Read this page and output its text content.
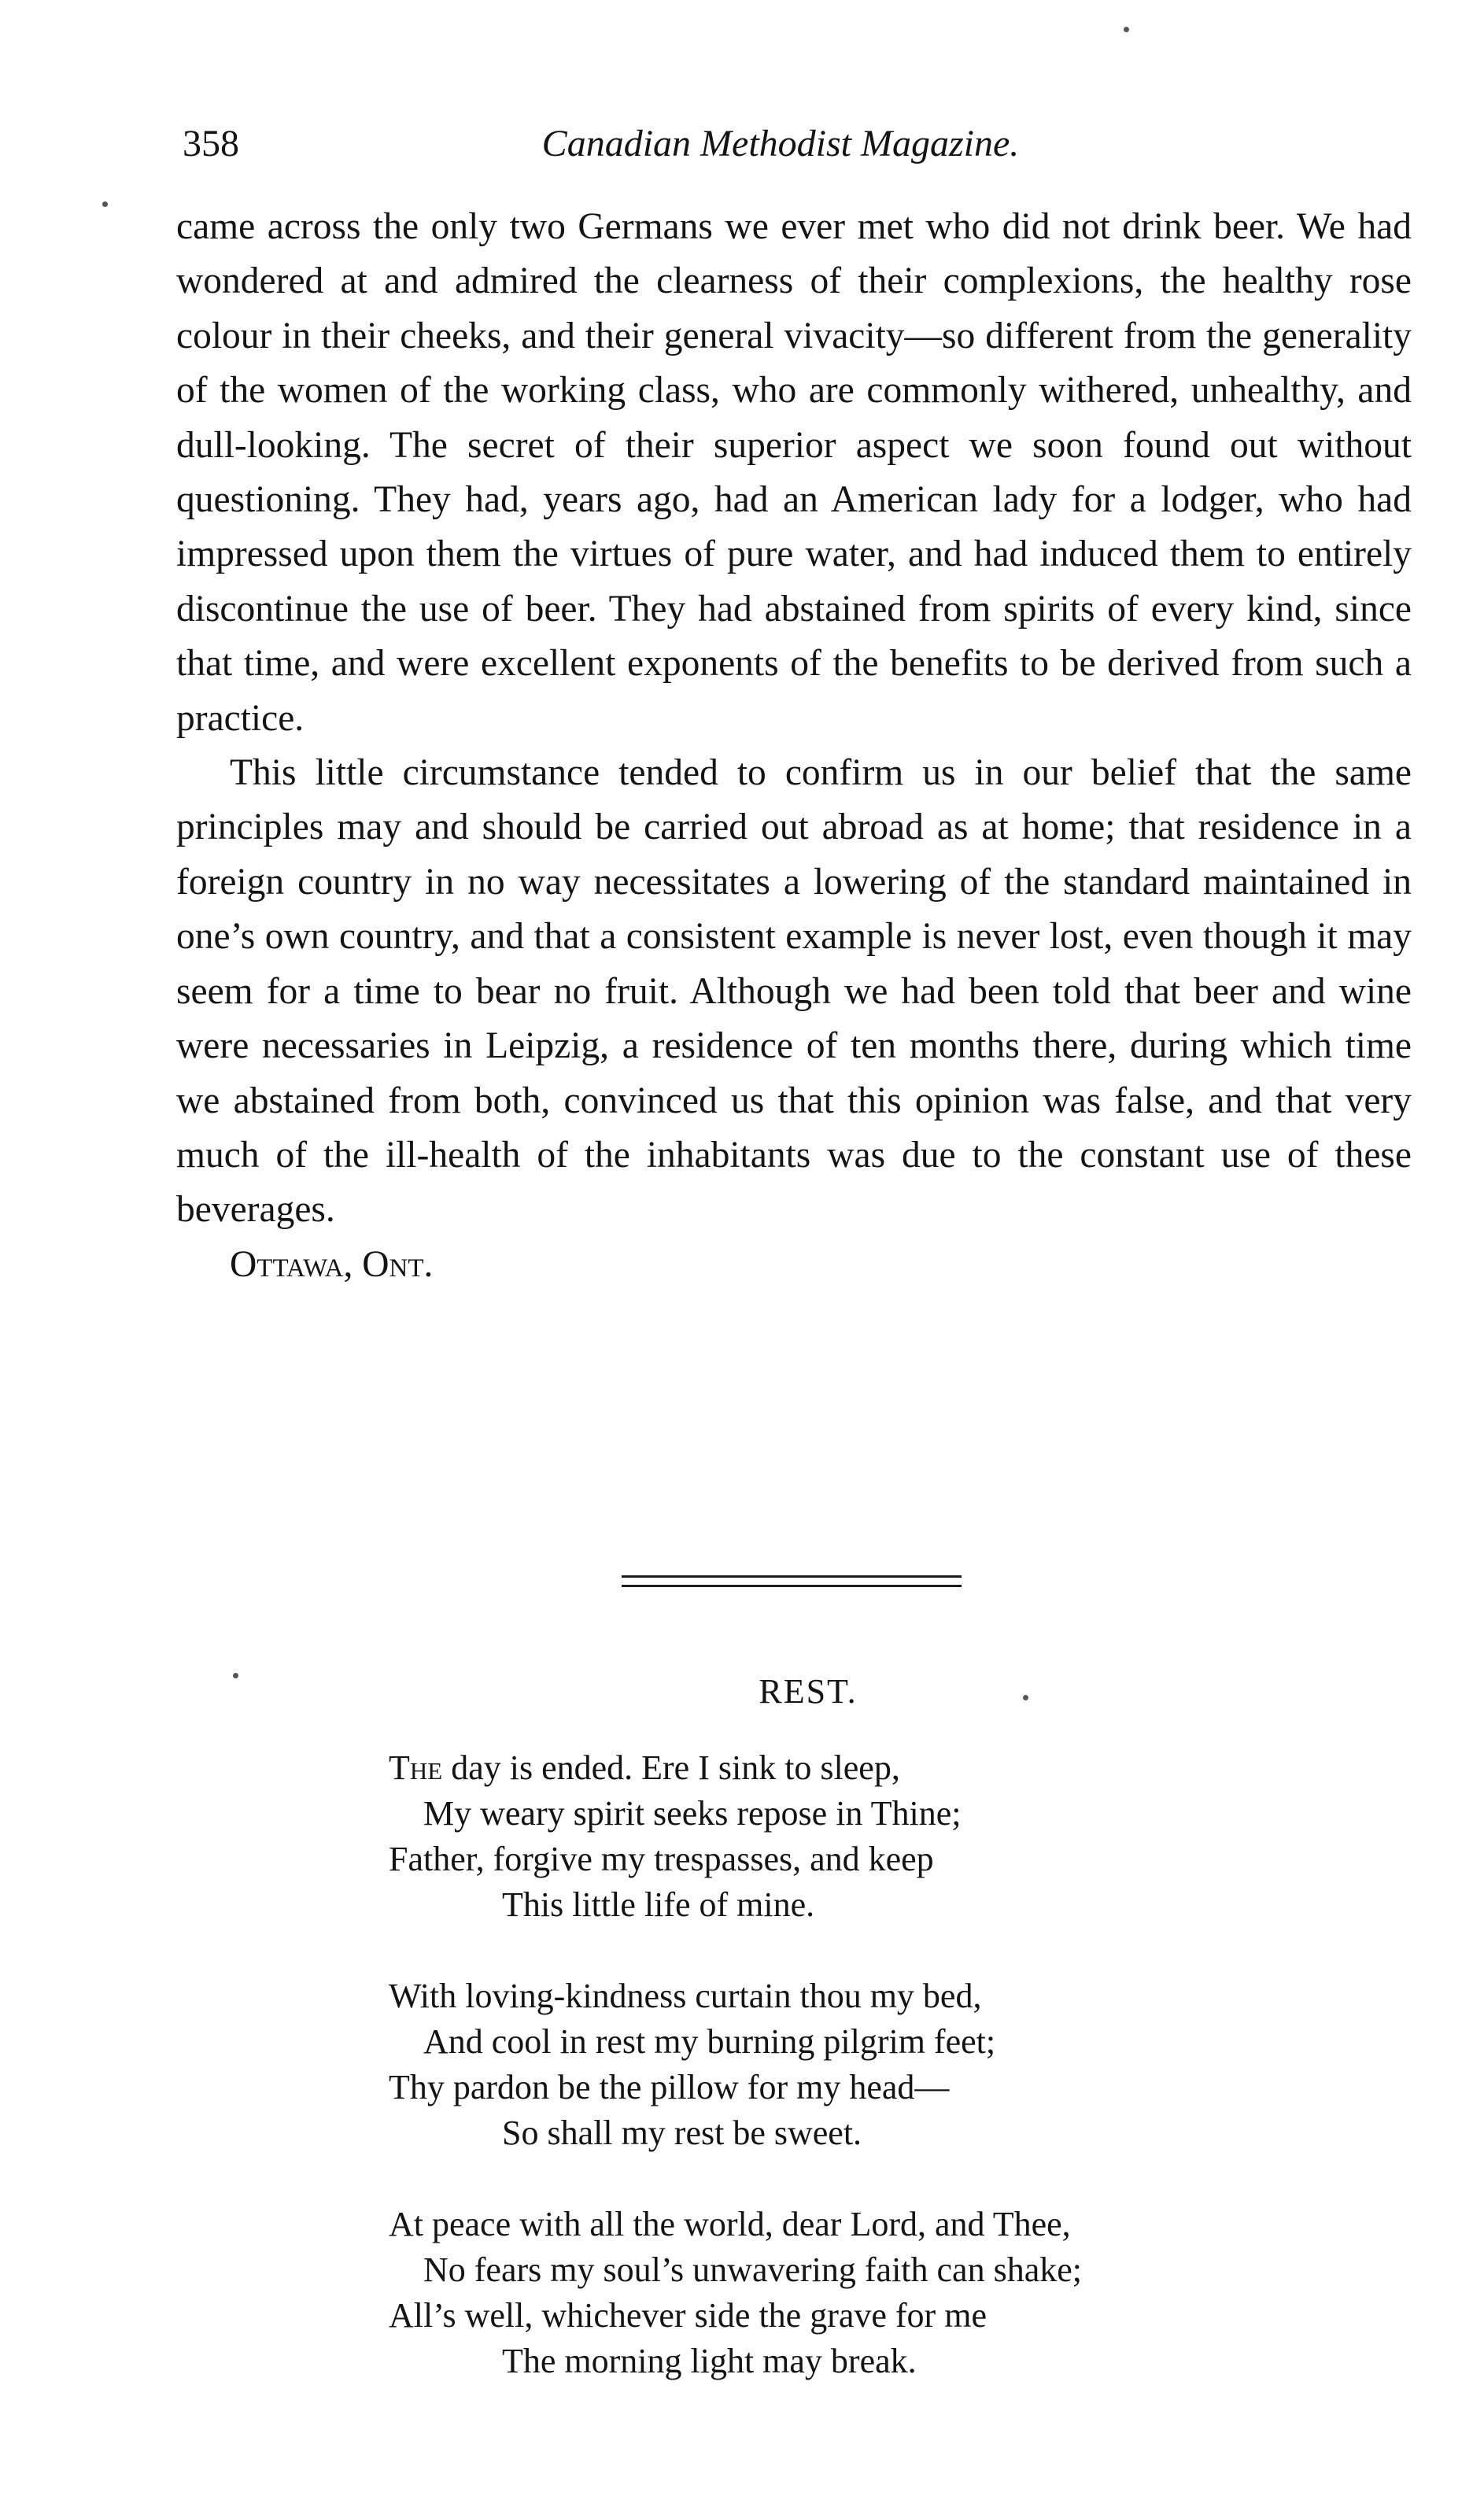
358	Canadian Methodist Magazine.

came across the only two Germans we ever met who did not drink beer. We had wondered at and admired the clearness of their complexions, the healthy rose colour in their cheeks, and their general vivacity—so different from the generality of the women of the working class, who are commonly withered, unhealthy, and dull-looking. The secret of their superior aspect we soon found out without questioning. They had, years ago, had an American lady for a lodger, who had impressed upon them the virtues of pure water, and had induced them to entirely discontinue the use of beer. They had abstained from spirits of every kind, since that time, and were excellent exponents of the benefits to be derived from such a practice.

This little circumstance tended to confirm us in our belief that the same principles may and should be carried out abroad as at home; that residence in a foreign country in no way necessitates a lowering of the standard maintained in one’s own country, and that a consistent example is never lost, even though it may seem for a time to bear no fruit. Although we had been told that beer and wine were necessaries in Leipzig, a residence of ten months there, during which time we abstained from both, convinced us that this opinion was false, and that very much of the ill-health of the inhabitants was due to the constant use of these beverages.

Ottawa, Ont.

REST.
The day is ended. Ere I sink to sleep,
My weary spirit seeks repose in Thine;
Father, forgive my trespasses, and keep
This little life of mine.
With loving-kindness curtain thou my bed,
And cool in rest my burning pilgrim feet;
Thy pardon be the pillow for my head—
So shall my rest be sweet.
At peace with all the world, dear Lord, and Thee,
No fears my soul’s unwavering faith can shake;
All’s well, whichever side the grave for me
The morning light may break.
